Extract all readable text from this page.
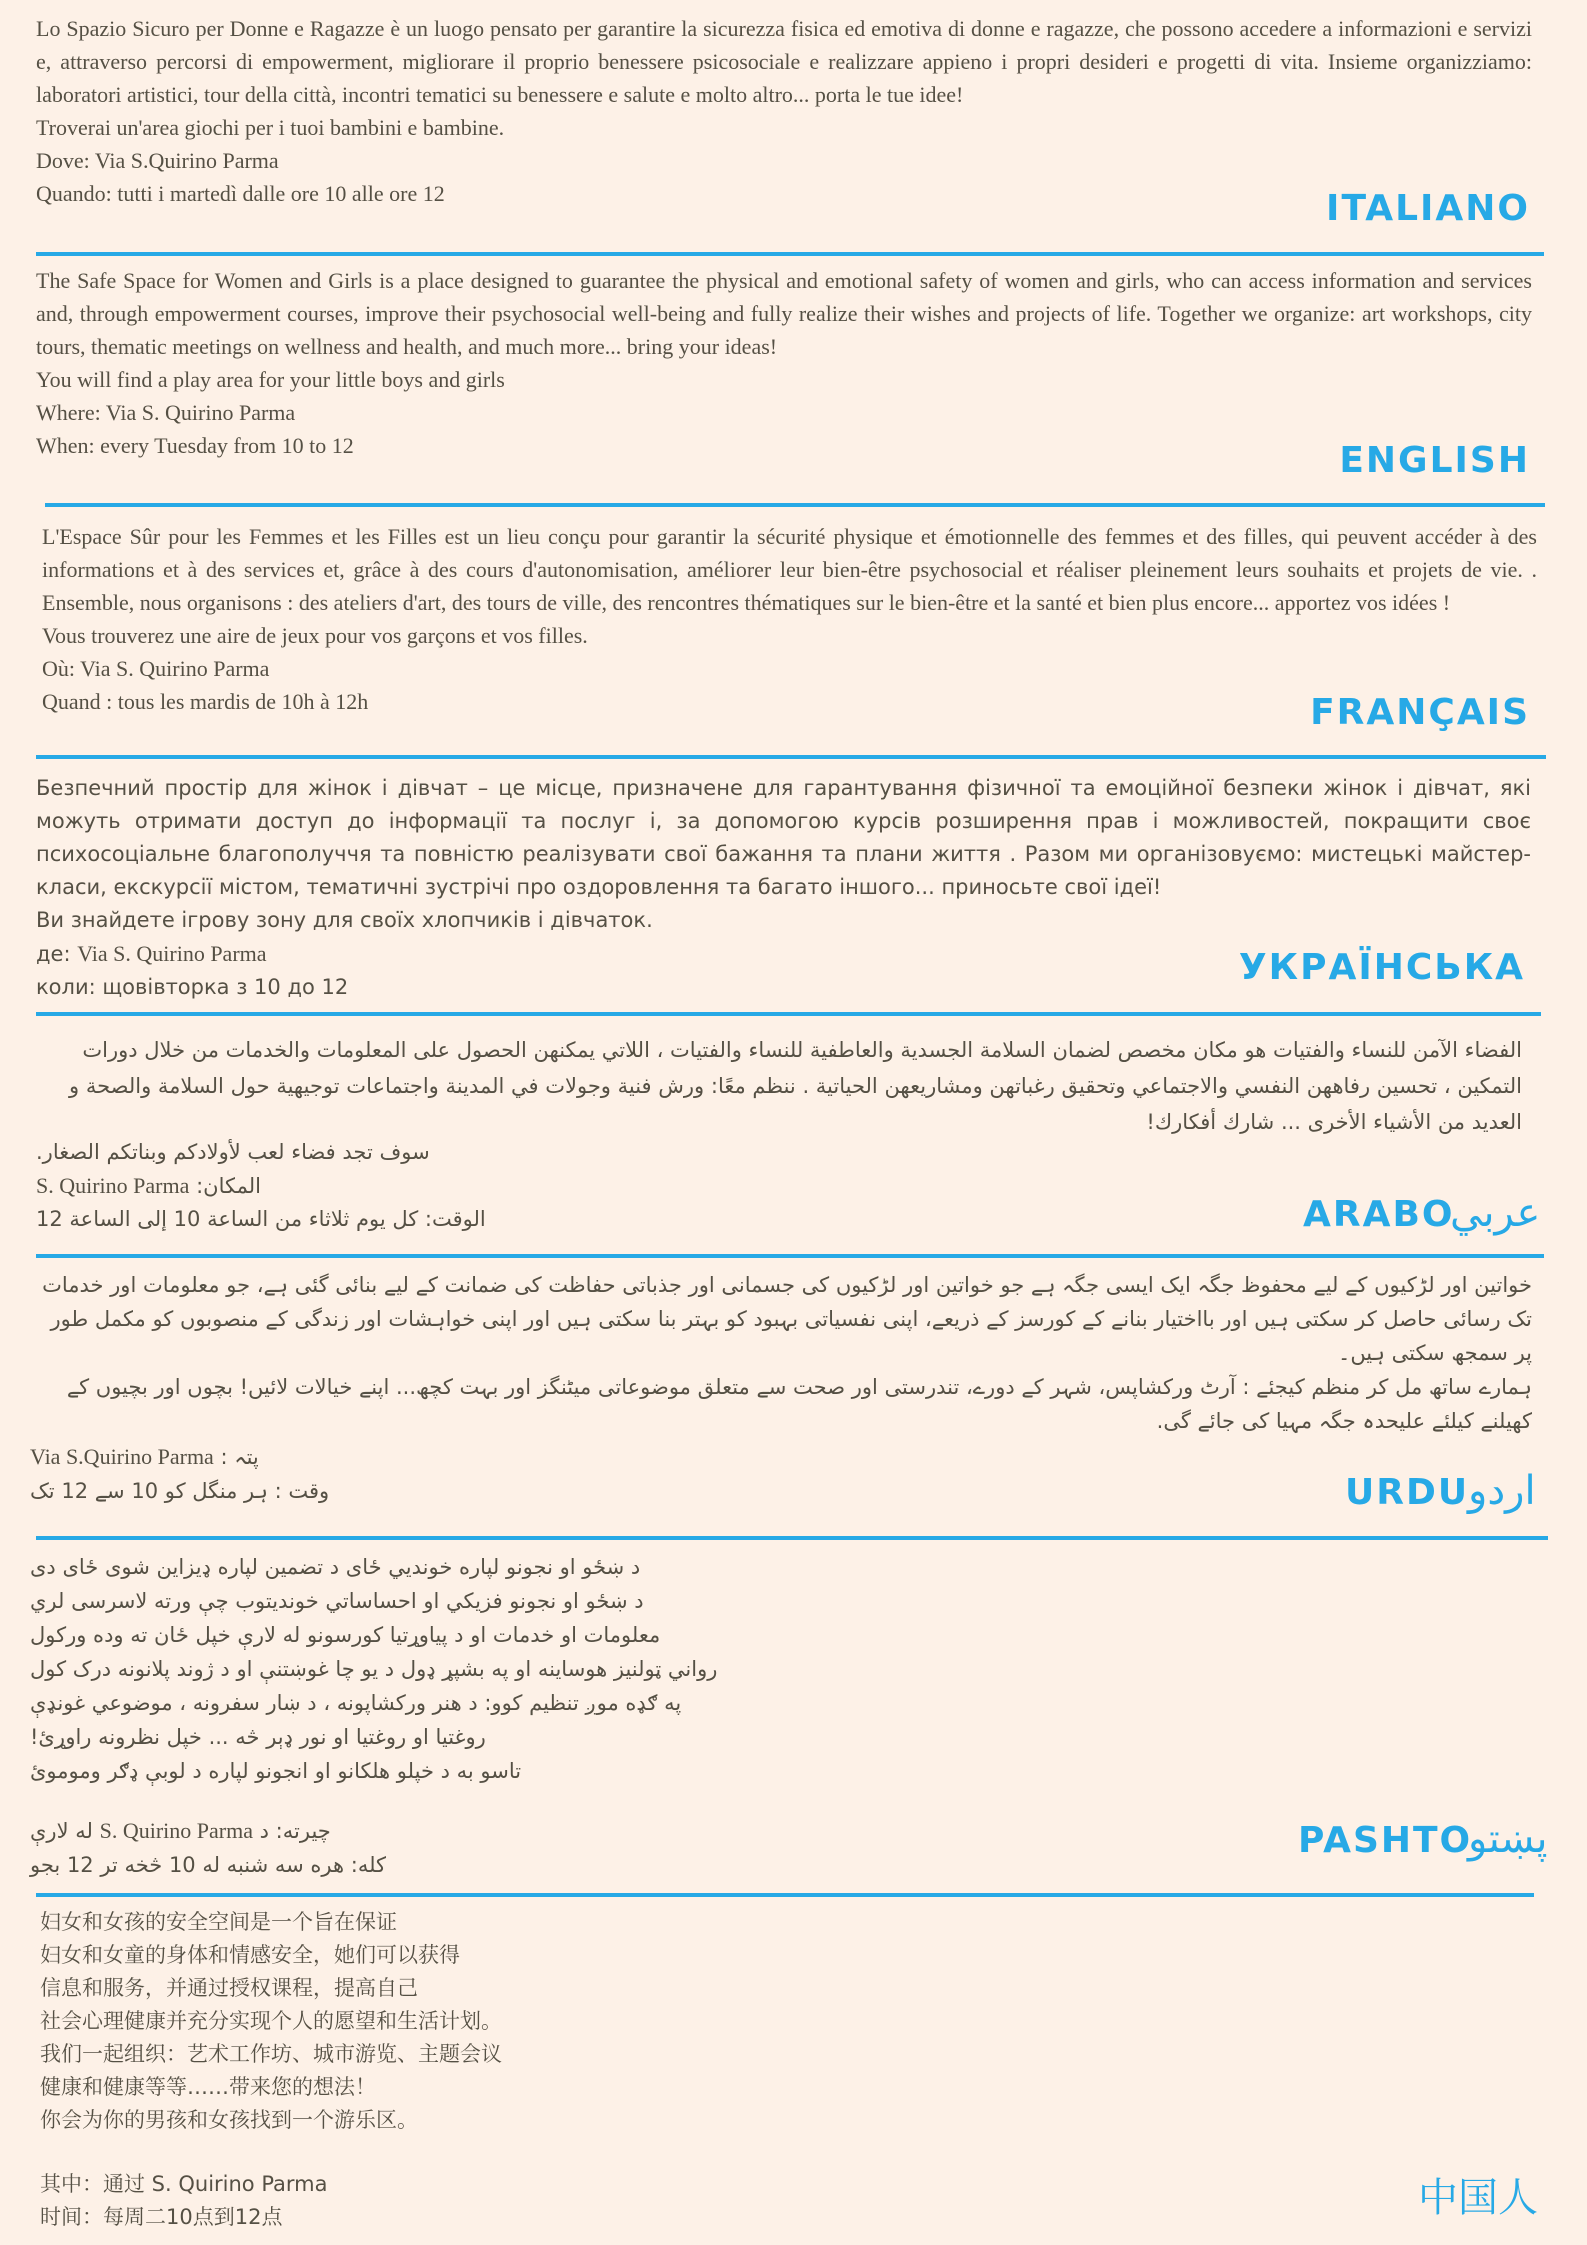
Lo Spazio Sicuro per Donne e Ragazze è un luogo pensato per garantire la sicurezza fisica ed emotiva di donne e ragazze, che possono accedere a informazioni e servizi e, attraverso percorsi di empowerment, migliorare il proprio benessere psicosociale e realizzare appieno i propri desideri e progetti di vita. Insieme organizziamo: laboratori artistici, tour della città, incontri tematici su benessere e salute e molto altro... porta le tue idee!

Troverai un'area giochi per i tuoi bambini e bambine.

Dove: Via S.Quirino Parma

Quando: tutti i martedì dalle ore 10 alle ore 12	ITALIANO

The Safe Space for Women and Girls is a place designed to guarantee the physical and emotional safety of women and girls, who can access information and services and, through empowerment courses, improve their psychosocial well-being and fully realize their wishes and projects of life. Together we organize: art workshops, city tours, thematic meetings on wellness and health, and much more... bring your ideas!

You will find a play area for your little boys and girls

Where: Via S. Quirino Parma

When: every Tuesday from 10 to 12	ENGLISH

L'Espace Sûr pour les Femmes et les Filles est un lieu conçu pour garantir la sécurité physique et émotionnelle des femmes et des filles, qui peuvent accéder à des informations et à des services et, grâce à des cours d'autonomisation, améliorer leur bien-être psychosocial et réaliser pleinement leurs souhaits et projets de vie. . Ensemble, nous organisons : des ateliers d'art, des tours de ville, des rencontres thématiques sur le bien-être et la santé et bien plus encore... apportez vos idées !

Vous trouverez une aire de jeux pour vos garçons et vos filles.

Où: Via S. Quirino Parma

Quand : tous les mardis de 10h à 12h	FRANÇAIS

Безпечний простір для жінок і дівчат – це місце, призначене для гарантування фізичної та емоційної безпеки жінок і дівчат, які можуть отримати доступ до інформації та послуг і, за допомогою курсів розширення прав і можливостей, покращити своє психосоціальне благополуччя та повністю реалізувати свої бажання та плани життя . Разом ми організовуємо: мистецькі майстер-класи, екскурсії містом, тематичні зустрічі про оздоровлення та багато іншого... приносьте свої ідеї!

Ви знайдете ігрову зону для своїх хлопчиків і дівчаток.

де: Via S. Quirino Parma

коли: щовівторка з 10 до 12	УКРАЇНСЬКА

الفضاء الآمن للنساء والفتيات هو مكان مخصص لضمان السلامة الجسدية والعاطفية للنساء والفتيات ، اللاتي يمكنهن الحصول على المعلومات والخدمات من خلال دورات التمكين ، تحسين رفاههن النفسي والاجتماعي وتحقيق رغباتهن ومشاريعهن الحياتية . ننظم معًا: ورش فنية وجولات في المدينة واجتماعات توجيهية حول السلامة والصحة و العديد من الأشياء الأخرى ... شارك أفكارك!

سوف تجد فضاء لعب لأولادكم وبناتكم الصغار.

المكان: S. Quirino Parma

الوقت: كل يوم ثلاثاء من الساعة 10 إلى الساعة 12	ARABO
عربي

خواتین اور لڑکیوں کے لیے محفوظ جگہ ایک ایسی جگہ ہے جو خواتین اور لڑکیوں کی جسمانی اور جذباتی حفاظت کی ضمانت کے لیے بنائی گئی ہے، جو معلومات اور خدمات تک رسائی حاصل کر سکتی ہیں اور بااختیار بنانے کے کورسز کے ذریعے، اپنی نفسیاتی بہبود کو بہتر بنا سکتی ہیں اور اپنی خواہشات اور زندگی کے منصوبوں کو مکمل طور پر سمجھ سکتی ہیں۔

ہمارے ساتھ مل کر منظم کیجئے : آرٹ ورکشاپس، شہر کے دورے، تندرستی اور صحت سے متعلق موضوعاتی میٹنگز اور بہت کچھ... اپنے خیالات لائیں! بچوں اور بچیوں کے کھیلنے کیلئے علیحدہ جگہ مہیا کی جائے گی.

پتہ : Via S.Quirino Parma

وقت : ہر منگل کو 10 سے 12 تک	URDU
اردو

د ښځو او نجونو لپاره خونديي ځای د تضمين لپاره ډيزاين شوی ځای دی

د ښځو او نجونو فزيکي او احساساتي خونديتوب چې ورته لاسرسی لري

معلومات او خدمات او د پياوړتيا کورسونو له لارې خپل ځان ته وده ورکول

رواني ټولنيز هوساينه او په بشپړ ډول د يو چا غوښتنې او د ژوند پلانونه درک کول

په ګډه موږ تنظيم کوو: د هنر ورکشاپونه ، د ښار سفرونه ، موضوعي غونډې

روغتيا او روغتيا او نور ډېر څه ... خپل نظرونه راوړئ!

تاسو به د خپلو هلکانو او انجونو لپاره د لوبې ډګر وموموئ

چيرته: د S. Quirino Parma له لارې

کله: هره سه شنبه له 10 څخه تر 12 بجو

PASHTO
پښتو

妇女和女孩的安全空间是一个旨在保证

妇女和女童的身体和情感安全，她们可以获得

信息和服务，并通过授权课程，提高自己

社会心理健康并充分实现个人的愿望和生活计划。

我们一起组织：艺术工作坊、城市游览、主题会议

健康和健康等等……带来您的想法！

你会为你的男孩和女孩找到一个游乐区。

其中：通过 S. Quirino Parma

时间：每周二10点到12点	中国人
